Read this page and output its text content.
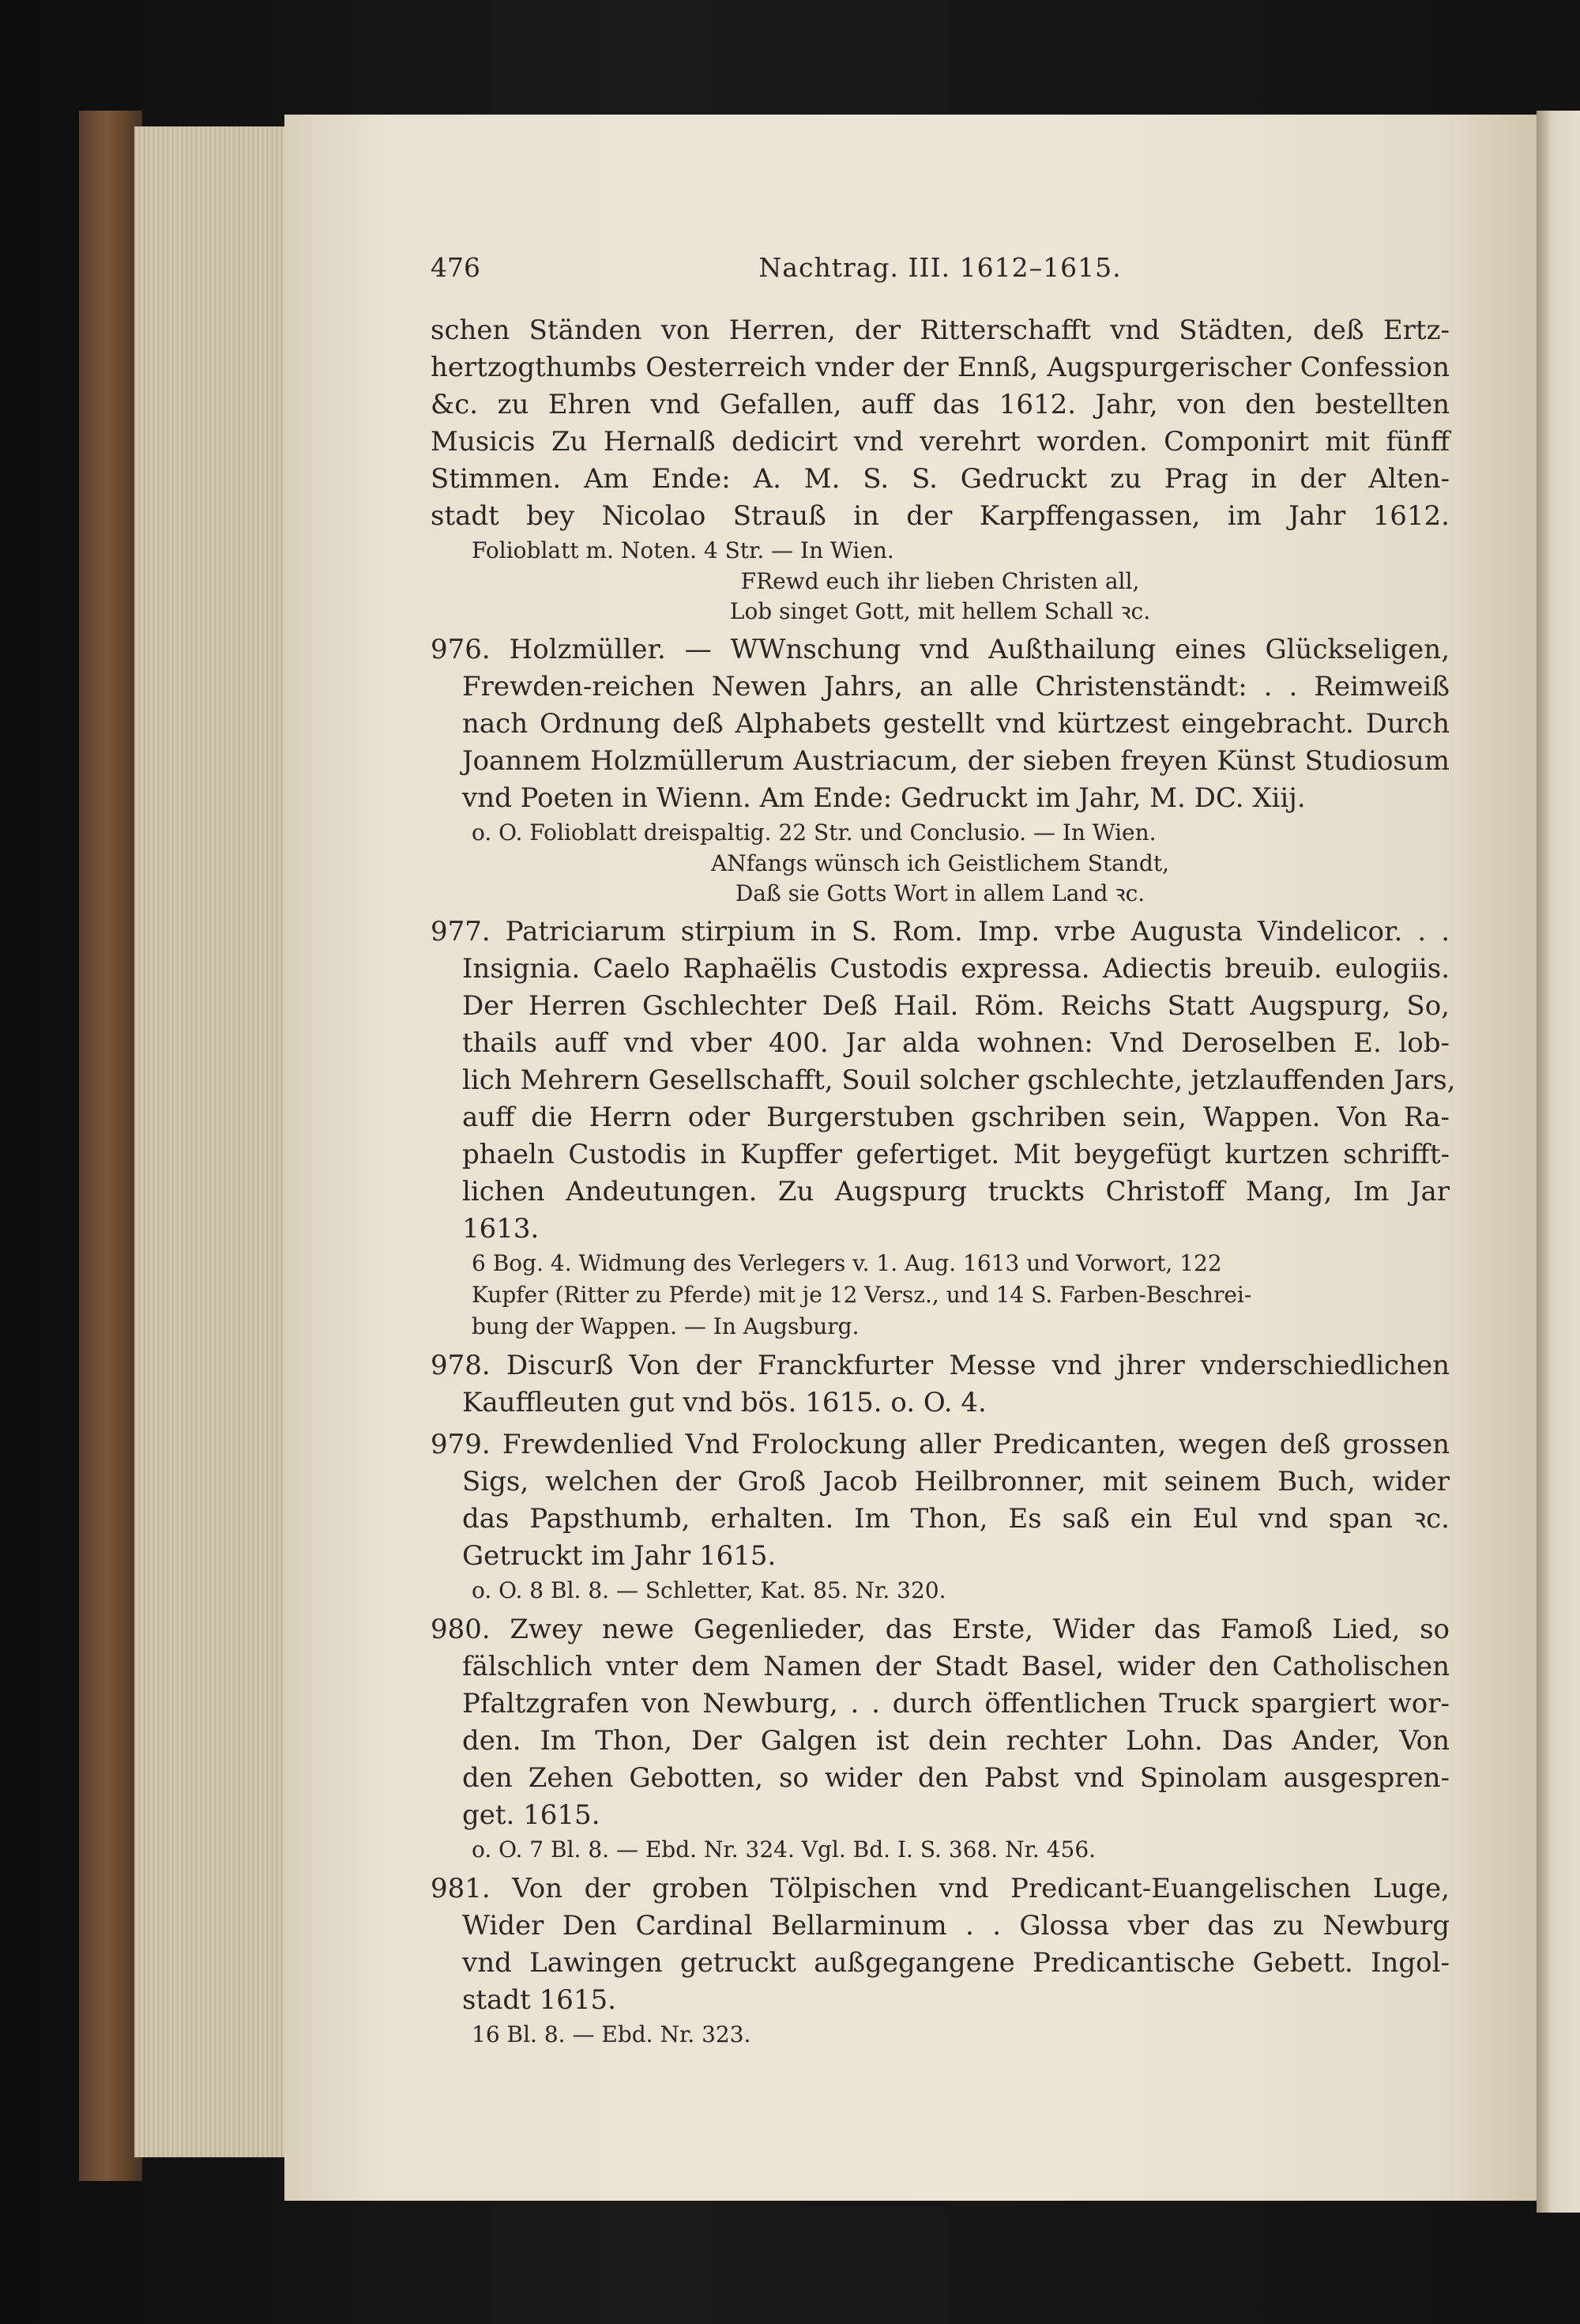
476	Nachtrag. III. 1612–1615.
schen Ständen von Herren, der Ritterschafft vnd Städten, deß Ertz-
hertzogthumbs Oesterreich vnder der Ennß, Augspurgerischer Confession
&c. zu Ehren vnd Gefallen, auff das 1612. Jahr, von den bestellten
Musicis Zu Hernalß dedicirt vnd verehrt worden. Componirt mit fünff
Stimmen. Am Ende: A. M. S. S. Gedruckt zu Prag in der Alten-
stadt bey Nicolao Strauß in der Karpffengassen, im Jahr 1612.
Folioblatt m. Noten. 4 Str. — In Wien.
FRewd euch ihr lieben Christen all,
Lob singet Gott, mit hellem Schall ꝛc.
976. Holzmüller. — WWnschung vnd Außthailung eines Glückseligen,
Frewden-reichen Newen Jahrs, an alle Christenständt: . . Reimweiß
nach Ordnung deß Alphabets gestellt vnd kürtzest eingebracht. Durch
Joannem Holzmüllerum Austriacum, der sieben freyen Künst Studiosum
vnd Poeten in Wienn. Am Ende: Gedruckt im Jahr, M. DC. Xiij.
o. O. Folioblatt dreispaltig. 22 Str. und Conclusio. — In Wien.
ANfangs wünsch ich Geistlichem Standt,
Daß sie Gotts Wort in allem Land ꝛc.
977. Patriciarum stirpium in S. Rom. Imp. vrbe Augusta Vindelicor. . .
Insignia. Caelo Raphaëlis Custodis expressa. Adiectis breuib. eulogiis.
Der Herren Gschlechter Deß Hail. Röm. Reichs Statt Augspurg, So,
thails auff vnd vber 400. Jar alda wohnen: Vnd Deroselben E. lob-
lich Mehrern Gesellschafft, Souil solcher gschlechte, jetzlauffenden Jars,
auff die Herrn oder Burgerstuben gschriben sein, Wappen. Von Ra-
phaeln Custodis in Kupffer gefertiget. Mit beygefügt kurtzen schrifft-
lichen Andeutungen. Zu Augspurg truckts Christoff Mang, Im Jar
1613.
6 Bog. 4. Widmung des Verlegers v. 1. Aug. 1613 und Vorwort, 122
Kupfer (Ritter zu Pferde) mit je 12 Versz., und 14 S. Farben-Beschrei-
bung der Wappen. — In Augsburg.
978. Discurß Von der Franckfurter Messe vnd jhrer vnderschiedlichen
Kauffleuten gut vnd bös. 1615. o. O. 4.
979. Frewdenlied Vnd Frolockung aller Predicanten, wegen deß grossen
Sigs, welchen der Groß Jacob Heilbronner, mit seinem Buch, wider
das Papsthumb, erhalten. Im Thon, Es saß ein Eul vnd span ꝛc.
Getruckt im Jahr 1615.
o. O. 8 Bl. 8. — Schletter, Kat. 85. Nr. 320.
980. Zwey newe Gegenlieder, das Erste, Wider das Famoß Lied, so
fälschlich vnter dem Namen der Stadt Basel, wider den Catholischen
Pfaltzgrafen von Newburg, . . durch öffentlichen Truck spargiert wor-
den. Im Thon, Der Galgen ist dein rechter Lohn. Das Ander, Von
den Zehen Gebotten, so wider den Pabst vnd Spinolam ausgespren-
get. 1615.
o. O. 7 Bl. 8. — Ebd. Nr. 324. Vgl. Bd. I. S. 368. Nr. 456.
981. Von der groben Tölpischen vnd Predicant-Euangelischen Luge,
Wider Den Cardinal Bellarminum . . Glossa vber das zu Newburg
vnd Lawingen getruckt außgegangene Predicantische Gebett. Ingol-
stadt 1615.
16 Bl. 8. — Ebd. Nr. 323.
